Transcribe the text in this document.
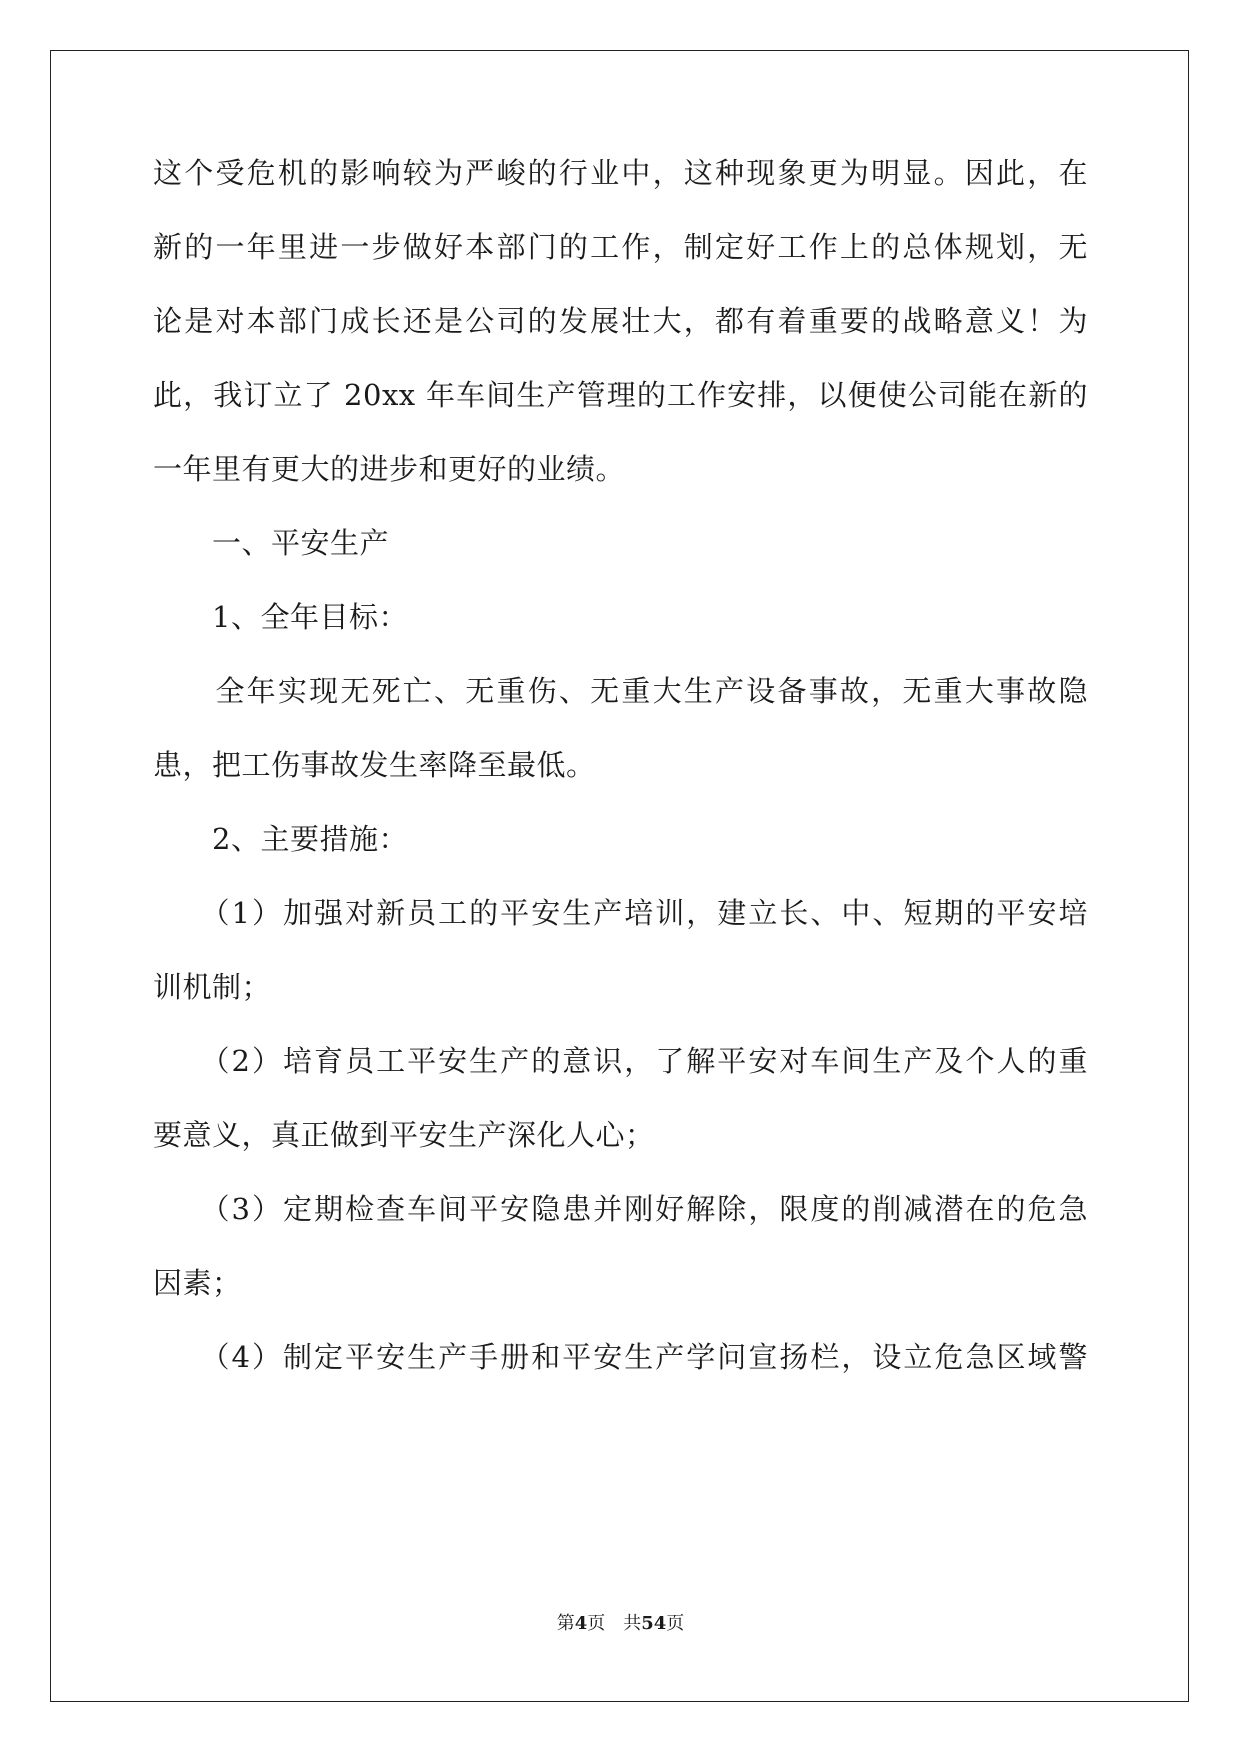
这个受危机的影响较为严峻的行业中，这种现象更为明显。因此，在
新的一年里进一步做好本部门的工作，制定好工作上的总体规划，无
论是对本部门成长还是公司的发展壮大，都有着重要的战略意义！为
此，我订立了 20xx 年车间生产管理的工作安排，以便使公司能在新的
一年里有更大的进步和更好的业绩。
　　一、平安生产
　　1、全年目标：
　　全年实现无死亡、无重伤、无重大生产设备事故，无重大事故隐
患，把工伤事故发生率降至最低。
　　2、主要措施：
　　（1）加强对新员工的平安生产培训，建立长、中、短期的平安培
训机制；
　　（2）培育员工平安生产的意识，了解平安对车间生产及个人的重
要意义，真正做到平安生产深化人心；
　　（3）定期检查车间平安隐患并刚好解除，限度的削减潜在的危急
因素；
　　（4）制定平安生产手册和平安生产学问宣扬栏，设立危急区域警
第4页 共54页
